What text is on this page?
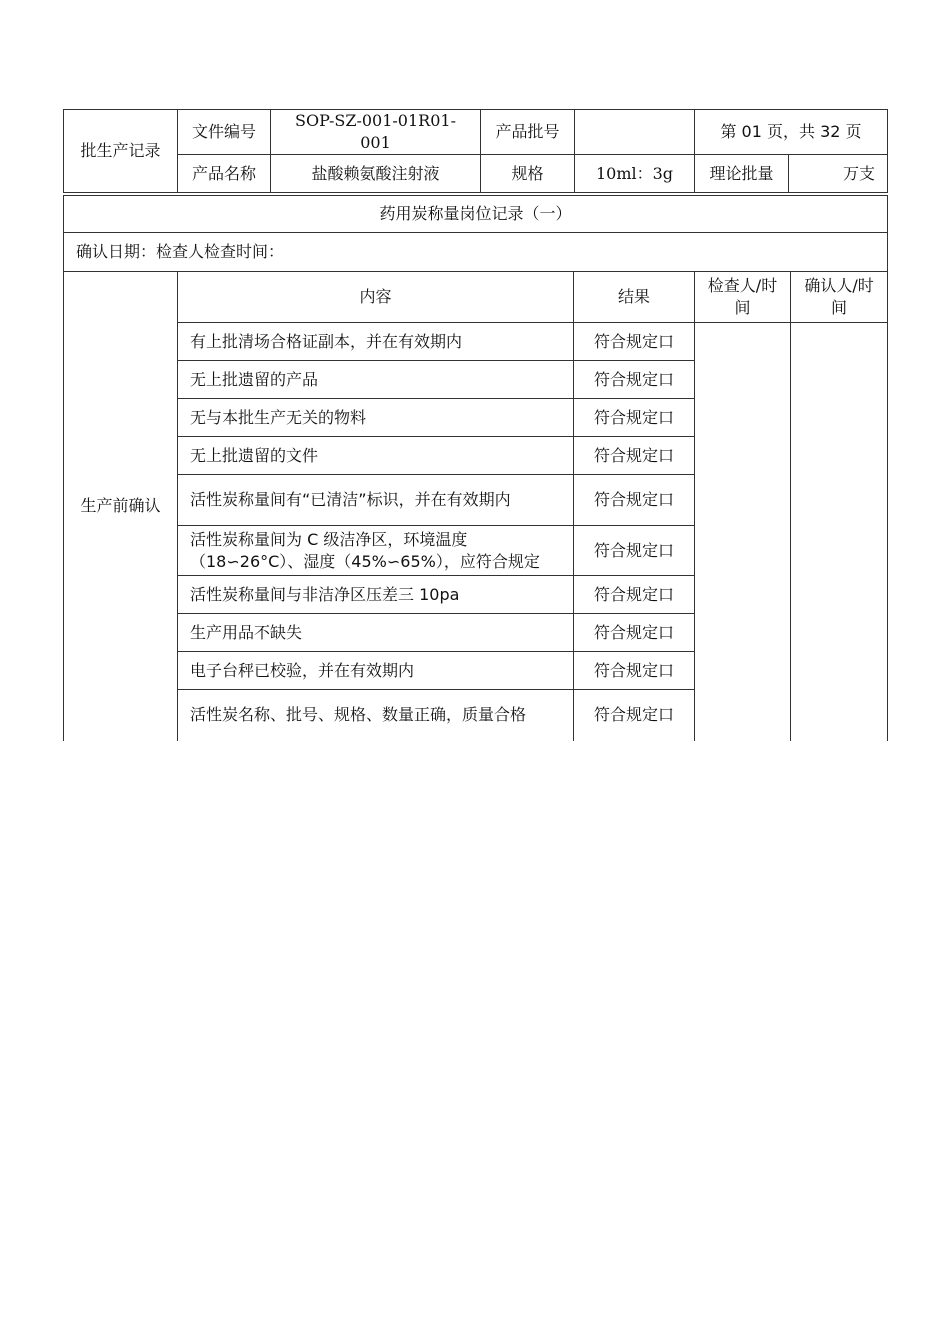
批生产记录	文件编号	SOP-SZ-001-01R01-001	产品批号		第 01 页，共 32 页	
	产品名称	盐酸赖氨酸注射液	规格	10ml：3g	理论批量	万支
药用炭称量岗位记录（一）				
确认日期：检查人检查时间：				
生产前确认	内容	结果	检查人/时间	确认人/时间
	有上批清场合格证副本，并在有效期内	符合规定口		
	无上批遗留的产品	符合规定口		
	无与本批生产无关的物料	符合规定口		
	无上批遗留的文件	符合规定口		
	活性炭称量间有“已清洁”标识，并在有效期内	符合规定口		
	活性炭称量间为 C 级洁净区，环境温度（18∽26°C）、湿度（45%∽65%），应符合规定	符合规定口		
	活性炭称量间与非洁净区压差三 10pa	符合规定口		
	生产用品不缺失	符合规定口		
	电子台秤已校验，并在有效期内	符合规定口		
	活性炭名称、批号、规格、数量正确，质量合格	符合规定口		
